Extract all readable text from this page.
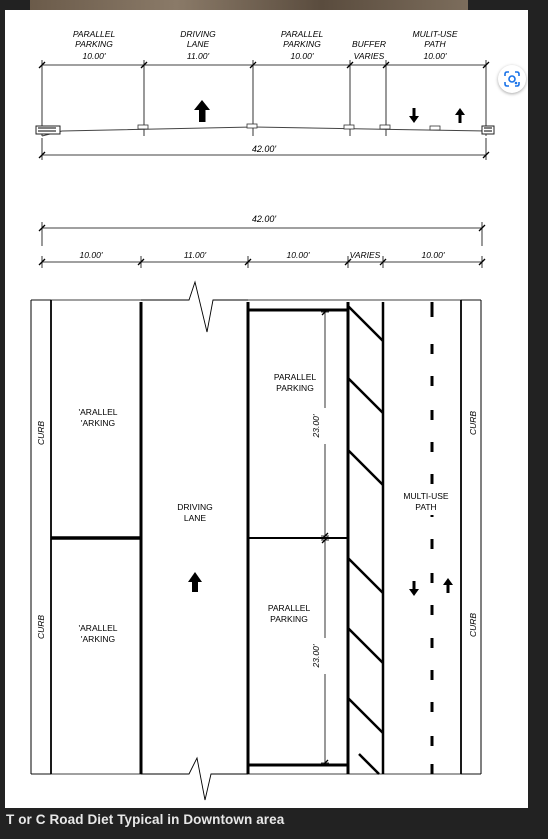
PARALLEL
PARKING
10.00'
DRIVING
LANE
11.00'
PARALLEL
PARKING
10.00'
BUFFER
VARIES
MULIT-USE
PATH
10.00'
42.00'
42.00'
10.00'	11.00'	10.00'	VARIES	10.00'
CURB
CURB
CURB
CURB
23.00'
23.00'
'ARALLEL
'ARKING
'ARALLEL
'ARKING
DRIVING
LANE
PARALLEL
PARKING
PARALLEL
PARKING
MULTI-USE
PATH
T or C Road Diet Typical in Downtown area
